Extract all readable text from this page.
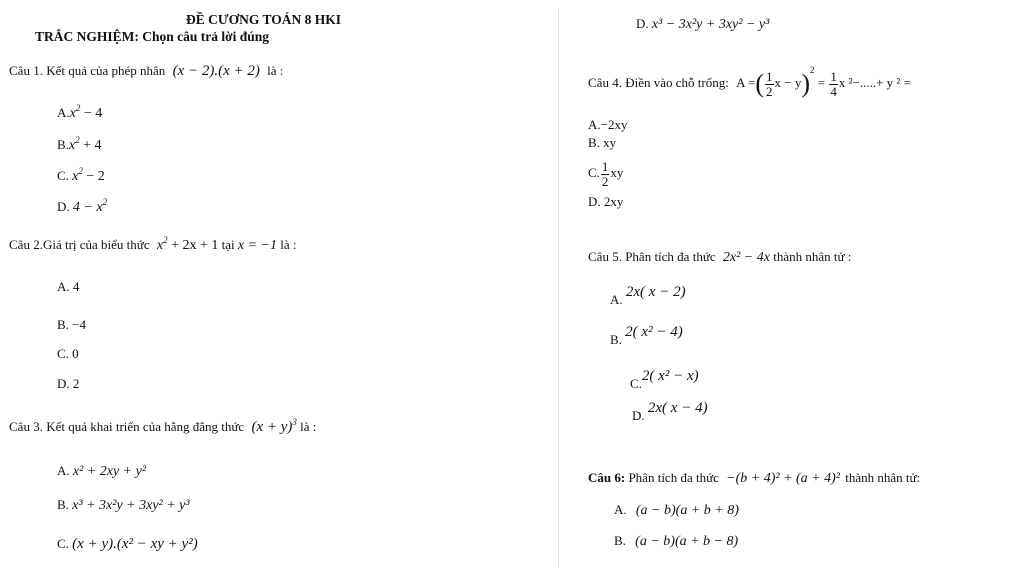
ĐỀ CƯƠNG TOÁN 8 HKI
TRẮC NGHIỆM: Chọn câu trả lời đúng
Câu 1. Kết quả của phép nhân (x − 2).(x + 2) là :
$A.x^2 - 4$
$B.x^2 + 4$
C. $x^2 - 2$
D. $4 - x^2$
Câu 2.Giá trị của biểu thức $x^2 + 2x + 1$ tại x = −1 là :
A. 4
B. −4
C. 0
D. 2
Câu 3. Kết quả khai triển của hằng đẳng thức $(x + y)^3$ là :
A. x² + 2xy + y²
B. x³ + 3x²y + 3xy² + y³
C. (x + y).(x² − xy + y²)
D. x³ − 3x²y + 3xy² − y³
Câu 4. Điền vào chỗ trống: A =( $\frac{1}{2}$ $x - y)^2 = \frac{1}{4}$ x ²−.....+ y ² =
A.−2xy
B. xy
C. $\frac{1}{2}$ xy
D. 2xy
Câu 5. Phân tích đa thức 2x² − 4x thành nhân tử :
A. 2x( x − 2)
B. 2( x² − 4)
C.2( x² − x)
D. 2x( x − 4)
Câu 6: Phân tích đa thức −(b + 4)² + (a + 4)² thành nhân tử:
A. (a − b)(a + b + 8)
B. (a − b)(a + b − 8)
